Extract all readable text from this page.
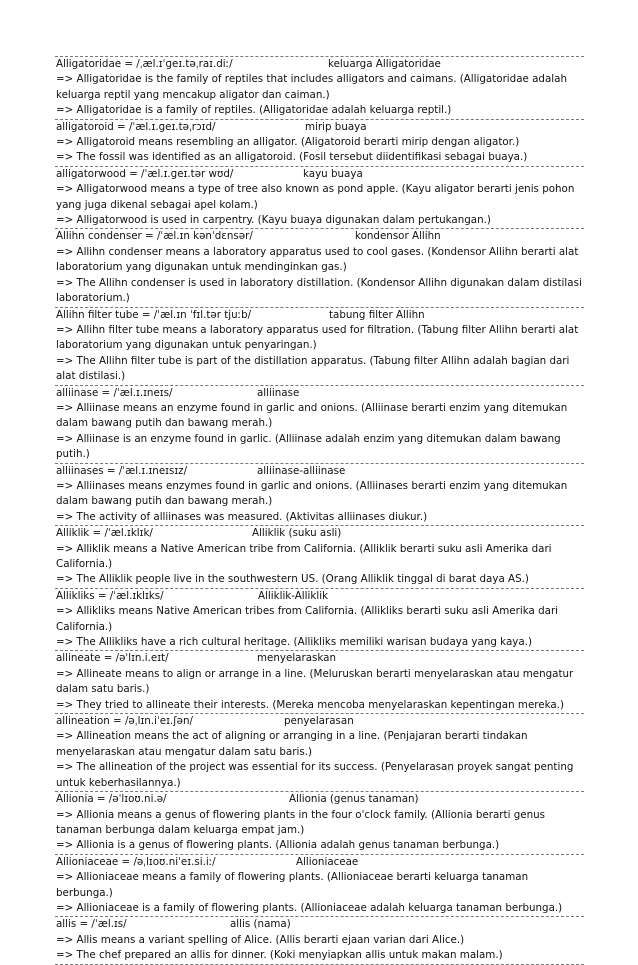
Alligatoridae = /ˌæl.ɪˈɡeɪ.təˌraɪ.diː/	keluarga Alligatoridae
=> Alligatoridae is the family of reptiles that includes alligators and caimans. (Alligatoridae adalah keluarga reptil yang mencakup aligator dan caiman.)
=> Alligatoridae is a family of reptiles. (Alligatoridae adalah keluarga reptil.)
alligatoroid = /ˈæl.ɪ.ɡeɪ.təˌrɔɪd/	mirip buaya
=> Alligatoroid means resembling an alligator. (Aligatoroid berarti mirip dengan aligator.)
=> The fossil was identified as an alligatoroid. (Fosil tersebut diidentifikasi sebagai buaya.)
alligatorwood = /ˈæl.ɪ.ɡeɪ.tər wʊd/	kayu buaya
=> Alligatorwood means a type of tree also known as pond apple. (Kayu aligator berarti jenis pohon yang juga dikenal sebagai apel kolam.)
=> Alligatorwood is used in carpentry. (Kayu buaya digunakan dalam pertukangan.)
Allihn condenser = /ˈæl.ɪn kənˈdɛnsər/	kondensor Allihn
=> Allihn condenser means a laboratory apparatus used to cool gases. (Kondensor Allihn berarti alat laboratorium yang digunakan untuk mendinginkan gas.)
=> The Allihn condenser is used in laboratory distillation. (Kondensor Allihn digunakan dalam distilasi laboratorium.)
Allihn filter tube = /ˈæl.ɪn ˈfɪl.tər tjuːb/	tabung filter Allihn
=> Allihn filter tube means a laboratory apparatus used for filtration. (Tabung filter Allihn berarti alat laboratorium yang digunakan untuk penyaringan.)
=> The Allihn filter tube is part of the distillation apparatus. (Tabung filter Allihn adalah bagian dari alat distilasi.)
alliinase = /ˈæl.ɪ.ɪneɪs/	alliinase
=> Alliinase means an enzyme found in garlic and onions. (Alliinase berarti enzim yang ditemukan dalam bawang putih dan bawang merah.)
=> Alliinase is an enzyme found in garlic. (Alliinase adalah enzim yang ditemukan dalam bawang putih.)
alliinases = /ˈæl.ɪ.ɪneɪsɪz/	alliinase-alliinase
=> Alliinases means enzymes found in garlic and onions. (Alliinases berarti enzim yang ditemukan dalam bawang putih dan bawang merah.)
=> The activity of alliinases was measured. (Aktivitas alliinases diukur.)
Alliklik = /ˈæl.ɪklɪk/	Alliklik (suku asli)
=> Alliklik means a Native American tribe from California. (Alliklik berarti suku asli Amerika dari California.)
=> The Alliklik people live in the southwestern US. (Orang Alliklik tinggal di barat daya AS.)
Allikliks = /ˈæl.ɪklɪks/	Alliklik-Alliklik
=> Allikliks means Native American tribes from California. (Allikliks berarti suku asli Amerika dari California.)
=> The Allikliks have a rich cultural heritage. (Allikliks memiliki warisan budaya yang kaya.)
allineate = /əˈlɪn.i.eɪt/	menyelaraskan
=> Allineate means to align or arrange in a line. (Meluruskan berarti menyelaraskan atau mengatur dalam satu baris.)
=> They tried to allineate their interests. (Mereka mencoba menyelaraskan kepentingan mereka.)
allineation = /əˌlɪn.iˈeɪ.ʃən/	penyelarasan
=> Allineation means the act of aligning or arranging in a line. (Penjajaran berarti tindakan menyelaraskan atau mengatur dalam satu baris.)
=> The allineation of the project was essential for its success. (Penyelarasan proyek sangat penting untuk keberhasilannya.)
Allionia = /əˈlɪoʊ.ni.ə/	Allionia (genus tanaman)
=> Allionia means a genus of flowering plants in the four o'clock family. (Allionia berarti genus tanaman berbunga dalam keluarga empat jam.)
=> Allionia is a genus of flowering plants. (Allionia adalah genus tanaman berbunga.)
Allioniaceae = /əˌlɪoʊ.niˈeɪ.si.iː/	Allioniaceae
=> Allioniaceae means a family of flowering plants. (Allioniaceae berarti keluarga tanaman berbunga.)
=> Allioniaceae is a family of flowering plants. (Allioniaceae adalah keluarga tanaman berbunga.)
allis = /ˈæl.ɪs/	allis (nama)
=> Allis means a variant spelling of Alice. (Allis berarti ejaan varian dari Alice.)
=> The chef prepared an allis for dinner. (Koki menyiapkan allis untuk makan malam.)
